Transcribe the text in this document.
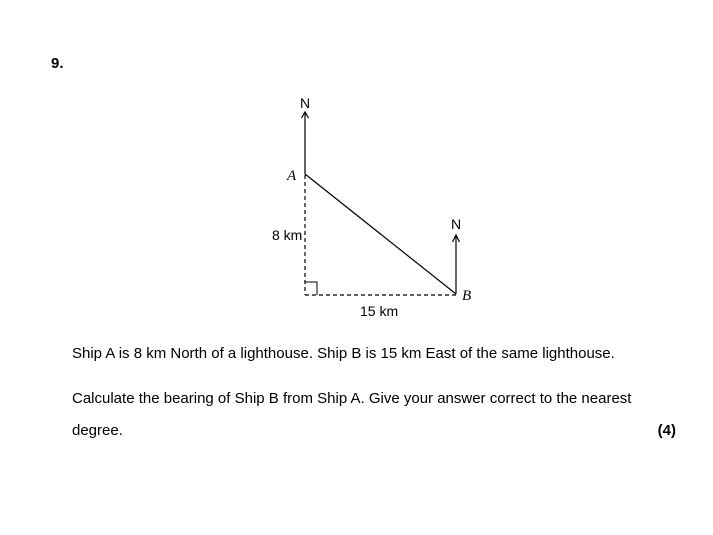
9.
N
N
A
B
8 km
15 km
Ship A is 8 km North of a lighthouse. Ship B is 15 km East of the same lighthouse.
Calculate the bearing of Ship B from Ship A. Give your answer correct to the nearest
degree.	(4)
